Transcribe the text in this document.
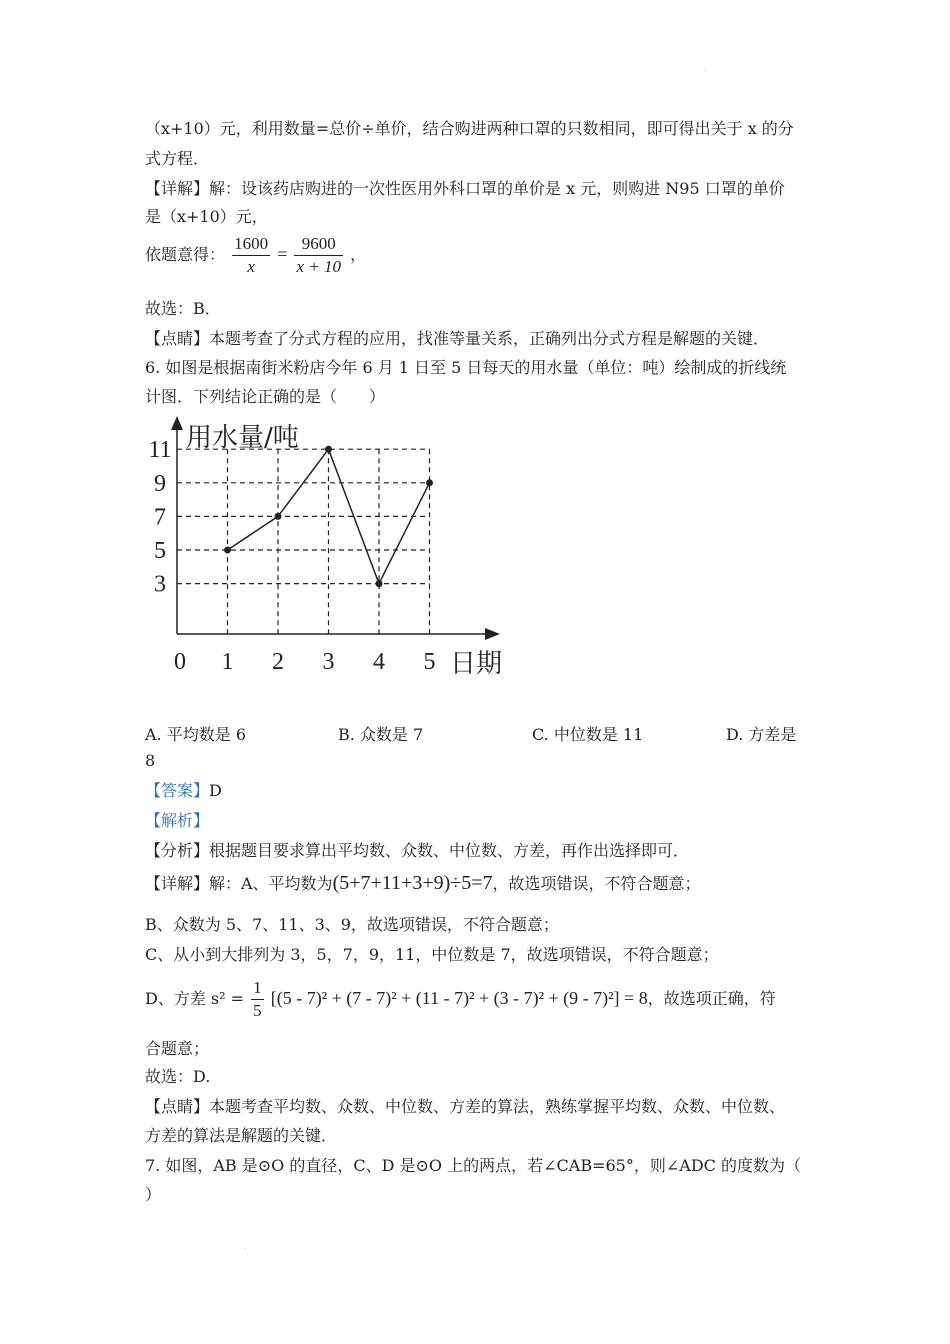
.
（x+10）元，利用数量=总价÷单价，结合购进两种口罩的只数相同，即可得出关于 x 的分
式方程．
【详解】解：设该药店购进的一次性医用外科口罩的单价是 x 元，则购进 N95 口罩的单价
是（x+10）元，
依题意得： $\frac{1600}{x} = \frac{9600}{x + 10}$ ，
故选：B．
【点睛】本题考查了分式方程的应用，找准等量关系，正确列出分式方程是解题的关键．
6. 如图是根据南街米粉店今年 6 月 1 日至 5 日每天的用水量（单位：吨）绘制成的折线统
计图．下列结论正确的是（　　）
用水量/吨
日期
0 1 2 3 4 5
3
5
7
9
11
A. 平均数是 6	B. 众数是 7	C. 中位数是 11	D. 方差是
8
【答案】D
【解析】
【分析】根据题目要求算出平均数、众数、中位数、方差，再作出选择即可．
【详解】解：A、平均数为(5+7+11+3+9)÷5=7，故选项错误，不符合题意；
B、众数为 5、7、11、3、9，故选项错误，不符合题意；
C、从小到大排列为 3，5，7，9，11，中位数是 7，故选项错误，不符合题意；
D、方差 $s^2 = \frac{1}{5} [(5 - 7)^2 + (7 - 7)^2 + (11 - 7)^2 + (3 - 7)^2 + (9 - 7)^2] = 8$，故选项正确，符
合题意；
故选：D.
【点睛】本题考查平均数、众数、中位数、方差的算法，熟练掌握平均数、众数、中位数、
方差的算法是解题的关键．
7. 如图，AB 是⊙O 的直径，C、D 是⊙O 上的两点，若∠CAB=65°，则∠ADC 的度数为（
）
.
